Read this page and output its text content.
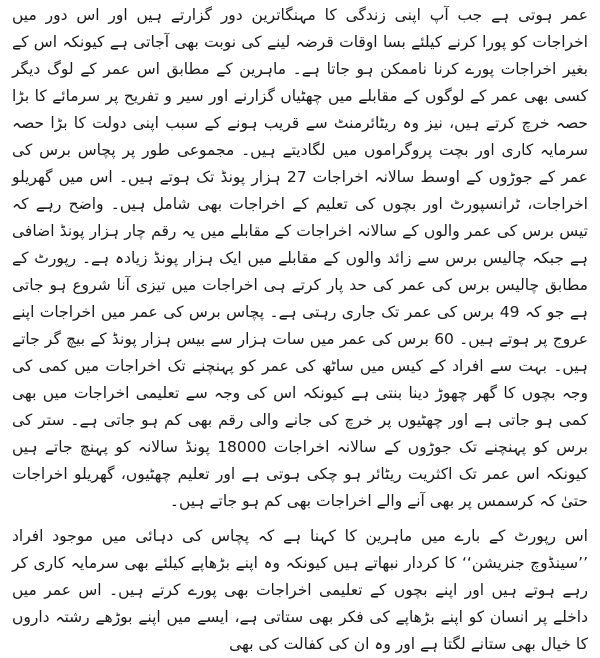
عمر ہوتی ہے جب آپ اپنی زندگی کا مہنگاترین دور گزارتے ہیں اور اس دور میں اخراجات کو پورا کرنے کیلئے بسا اوقات قرضہ لینے کی نوبت بھی آجاتی ہے کیونکہ اس کے بغیر اخراجات پورے کرنا ناممکن ہو جاتا ہے۔ ماہرین کے مطابق اس عمر کے لوگ دیگر کسی بھی عمر کے لوگوں کے مقابلے میں چھٹیاں گزارنے اور سیر و تفریح پر سرمائے کا بڑا حصہ خرچ کرتے ہیں، نیز وہ ریٹائرمنٹ سے قریب ہونے کے سبب اپنی دولت کا بڑا حصہ سرمایہ کاری اور بچت پروگراموں میں لگادیتے ہیں۔ مجموعی طور پر پچاس برس کی عمر کے جوڑوں کے اوسط سالانہ اخراجات 27 ہزار پونڈ تک ہوتے ہیں۔ اس میں گھریلو اخراجات، ٹرانسپورٹ اور بچوں کی تعلیم کے اخراجات بھی شامل ہیں۔ واضح رہے کہ تیس برس کی عمر والوں کے سالانہ اخراجات کے مقابلے میں یہ رقم چار ہزار پونڈ اضافی ہے جبکہ چالیس برس سے زائد والوں کے مقابلے میں ایک ہزار پونڈ زیادہ ہے۔ رپورٹ کے مطابق چالیس برس کی عمر کی حد پار کرتے ہی اخراجات میں تیزی آنا شروع ہو جاتی ہے جو کہ 49 برس کی عمر تک جاری رہتی ہے۔ پچاس برس کی عمر میں اخراجات اپنے عروج پر ہوتے ہیں۔ 60 برس کی عمر میں سات ہزار سے بیس ہزار پونڈ کے بیچ گر جاتے ہیں۔ بہت سے افراد کے کیس میں ساٹھ کی عمر کو پہنچنے تک اخراجات میں کمی کی وجہ بچوں کا گھر چھوڑ دینا بنتی ہے کیونکہ اس کی وجہ سے تعلیمی اخراجات میں بھی کمی ہو جاتی ہے اور چھٹیوں پر خرچ کی جانے والی رقم بھی کم ہو جاتی ہے۔ ستر کی برس کو پہنچنے تک جوڑوں کے سالانہ اخراجات 18000 پونڈ سالانہ کو پہنچ جاتے ہیں کیونکہ اس عمر تک اکثریت ریٹائر ہو چکی ہوتی ہے اور تعلیم چھٹیوں، گھریلو اخراجات حتیٰ کہ کرسمس پر بھی آنے والے اخراجات بھی کم ہو جاتے ہیں۔

اس رپورٹ کے بارے میں ماہرین کا کہنا ہے کہ پچاس کی دہائی میں موجود افراد ’’سینڈوچ جنریشن‘‘ کا کردار نبھاتے ہیں کیونکہ وہ اپنے بڑھاپے کیلئے بھی سرمایہ کاری کر رہے ہوتے ہیں اور اپنے بچوں کے تعلیمی اخراجات بھی پورے کرتے ہیں۔ اس عمر میں داخلے پر انسان کو اپنے بڑھاپے کی فکر بھی ستاتی ہے، ایسے میں اپنے بوڑھے رشتہ داروں کا خیال بھی ستانے لگتا ہے اور وہ ان کی کفالت کی بھی
